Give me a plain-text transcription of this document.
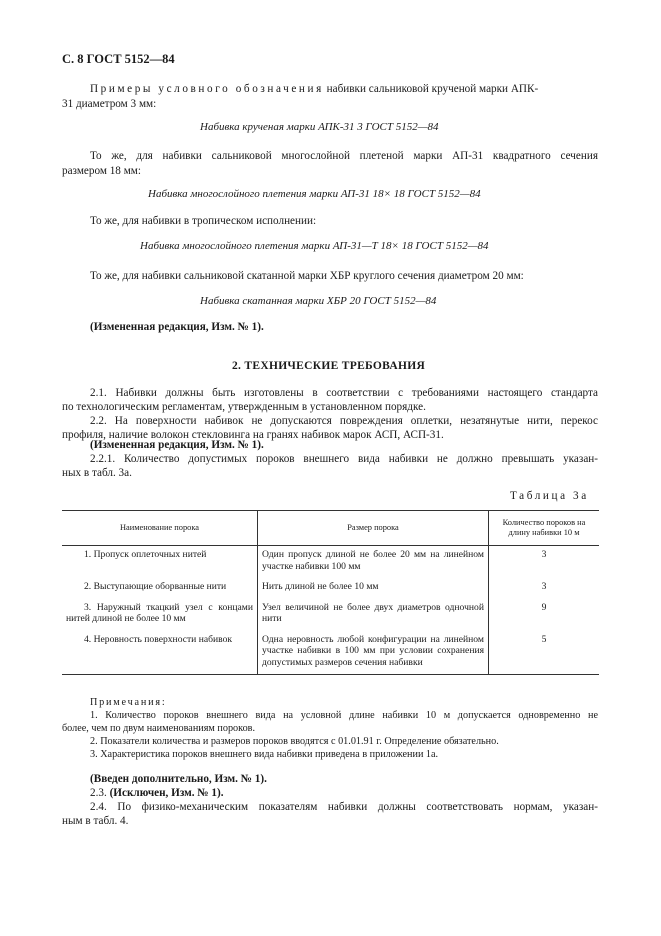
С. 8 ГОСТ 5152—84
Примеры условного обозначения набивки сальниковой крученой марки АПК-
31 диаметром 3 мм:
Набивка крученая марки АПК-31 3 ГОСТ 5152—84
То же, для набивки сальниковой многослойной плетеной марки АП-31 квадратного сечения
размером 18 мм:
Набивка многослойного плетения марки АП-31 18× 18 ГОСТ 5152—84
То же, для набивки в тропическом исполнении:
Набивка многослойного плетения марки АП-31—Т 18× 18 ГОСТ 5152—84
То же, для набивки сальниковой скатанной марки ХБР круглого сечения диаметром 20 мм:
Набивка скатанная марки ХБР 20 ГОСТ 5152—84
(Измененная редакция, Изм. № 1).
2. ТЕХНИЧЕСКИЕ ТРЕБОВАНИЯ
2.1. Набивки должны быть изготовлены в соответствии с требованиями настоящего стандарта
по технологическим регламентам, утвержденным в установленном порядке.
2.2. На поверхности набивок не допускаются повреждения оплетки, незатянутые нити, перекос
профиля, наличие волокон стекловинга на гранях набивок марок АСП, АСП-31.
(Измененная редакция, Изм. № 1).
2.2.1. Количество допустимых пороков внешнего вида набивки не должно превышать указан-
ных в табл. 3а.
Таблица 3а
Наименование порока	Размер порока	Количество пороков на длину набивки 10 м
1. Пропуск оплеточных нитей	Один пропуск длиной не более 20 мм на линейном участке набивки 100 мм	3
2. Выступающие оборванные нити	Нить длиной не более 10 мм	3
3. Наружный ткацкий узел с концами нитей длиной не более 10 мм	Узел величиной не более двух диаметров одночной нити	9
4. Неровность поверхности набивок	Одна неровность любой конфигурации на линейном участке набивки в 100 мм при условии сохранения допустимых размеров сечения набивки	5
Примечания:
1. Количество пороков внешнего вида на условной длине набивки 10 м допускается одновременно не
более, чем по двум наименованиям пороков.
2. Показатели количества и размеров пороков вводятся с 01.01.91 г. Определение обязательно.
3. Характеристика пороков внешнего вида набивки приведена в приложении 1а.
(Введен дополнительно, Изм. № 1).
2.3. (Исключен, Изм. № 1).
2.4. По физико-механическим показателям набивки должны соответствовать нормам, указан-
ным в табл. 4.
